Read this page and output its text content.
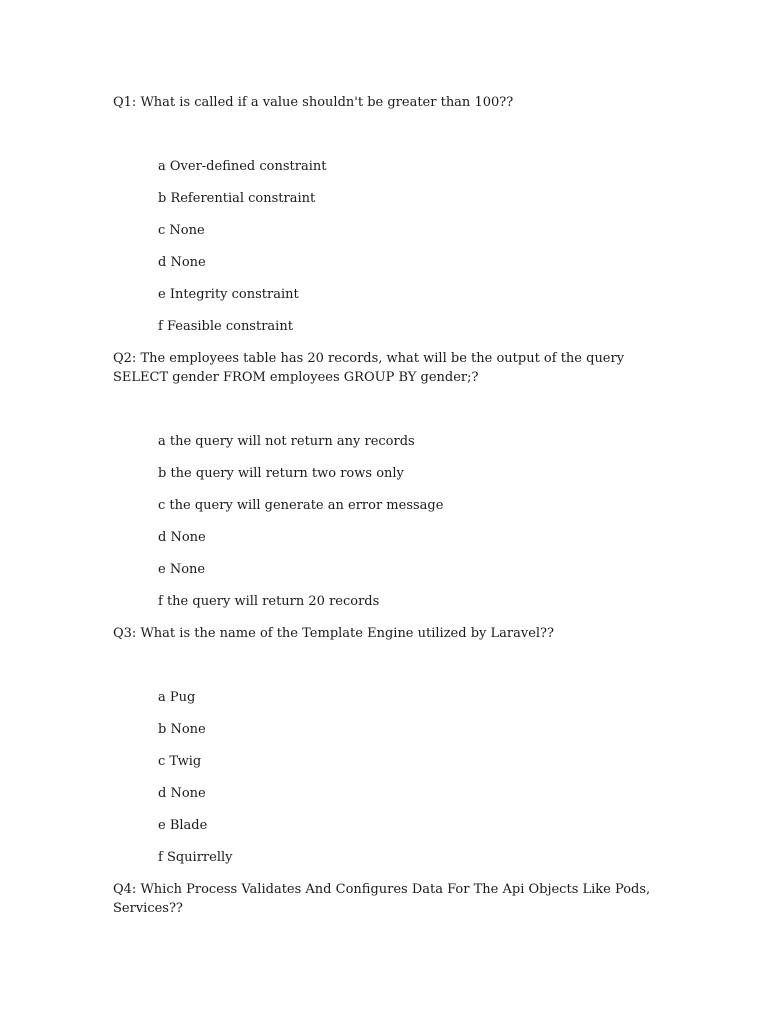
Q1: What is called if a value shouldn't be greater than 100??

a Over-defined constraint
b Referential constraint
c None
d None
e Integrity constraint
f Feasible constraint

Q2: The employees table has 20 records, what will be the output of the query SELECT gender FROM employees GROUP BY gender;?

a the query will not return any records
b the query will return two rows only
c the query will generate an error message
d None
e None
f the query will return 20 records

Q3: What is the name of the Template Engine utilized by Laravel??

a Pug
b None
c Twig
d None
e Blade
f Squirrelly

Q4: Which Process Validates And Configures Data For The Api Objects Like Pods, Services??
